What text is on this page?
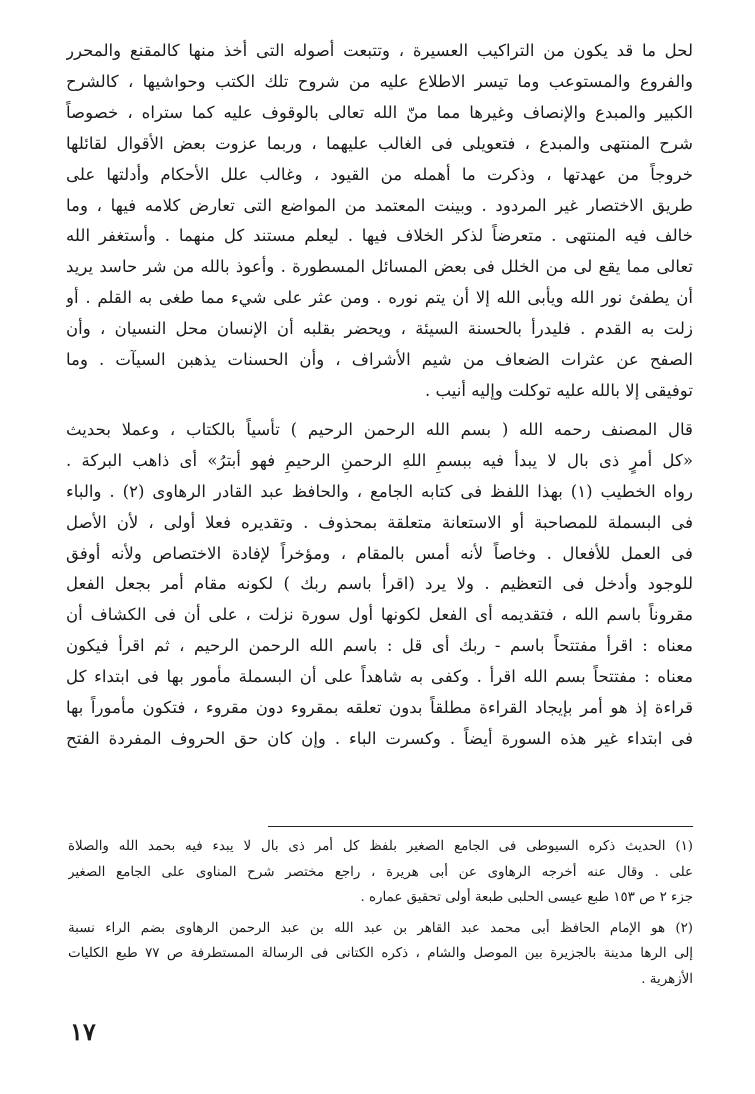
لحل ما قد يكون من التراكيب العسيرة ، وتتبعت أصوله التى أخذ منها كالمقنع والمحرر
والفروع والمستوعب وما تيسر الاطلاع عليه من شروح تلك الكتب وحواشيها ، كالشرح
الكبير والمبدع والإنصاف وغيرها مما منّ الله تعالى بالوقوف عليه كما ستراه ، خصوصاً
شرح المنتهى والمبدع ، فتعويلى فى الغالب عليهما ، وربما عزوت بعض الأقوال لقائلها
خروجاً من عهدتها ، وذكرت ما أهمله من القيود ، وغالب علل الأحكام وأدلتها على
طريق الاختصار غير المردود . وبينت المعتمد من المواضع التى تعارض كلامه فيها ، وما
خالف فيه المنتهى . متعرضاً لذكر الخلاف فيها . ليعلم مستند كل منهما . وأستغفر الله
تعالى مما يقع لى من الخلل فى بعض المسائل المسطورة . وأعوذ بالله من شر حاسد يريد
أن يطفئ نور الله ويأبى الله إلا أن يتم نوره . ومن عثر على شيء مما طغى به القلم . أو
زلت به القدم . فليدرأ بالحسنة السيئة ، ويحضر بقلبه أن الإنسان محل النسيان ، وأن
الصفح عن عثرات الضعاف من شيم الأشراف ، وأن الحسنات يذهبن السيآت . وما
توفيقى إلا بالله عليه توكلت وإليه أنيب .

قال المصنف رحمه الله ( بسم الله الرحمن الرحيم ) تأسياً بالكتاب ، وعملا بحديث
«كل أمرٍ ذى بال لا يبدأ فيه ببسمِ اللهِ الرحمنِ الرحيمِ فهو أبترُ» أى ذاهب البركة .
رواه الخطيب (١) بهذا اللفظ فى كتابه الجامع ، والحافظ عبد القادر الرهاوى (٢) . والباء
فى البسملة للمصاحبة أو الاستعانة متعلقة بمحذوف . وتقديره فعلا أولى ، لأن الأصل
فى العمل للأفعال . وخاصاً لأنه أمس بالمقام ، ومؤخراً لإفادة الاختصاص ولأنه أوفق
للوجود وأدخل فى التعظيم . ولا يرد (اقرأ باسم ربك ) لكونه مقام أمر بجعل الفعل
مقروناً باسم الله ، فتقديمه أى الفعل لكونها أول سورة نزلت ، على أن فى الكشاف أن
معناه : اقرأ مفتتحاً باسم - ربك أى قل : باسم الله الرحمن الرحيم ، ثم اقرأ فيكون
معناه : مفتتحاً بسم الله اقرأ . وكفى به شاهداً على أن البسملة مأمور بها فى ابتداء كل
قراءة إذ هو أمر بإيجاد القراءة مطلقاً بدون تعلقه بمقروء دون مقروء ، فتكون مأموراً بها
فى ابتداء غير هذه السورة أيضاً . وكسرت الباء . وإن كان حق الحروف المفردة الفتح

(١) الحديث ذكره السيوطى فى الجامع الصغير بلفظ كل أمر ذى بال لا يبدء فيه بحمد الله والصلاة
على . وقال عنه أخرجه الرهاوى عن أبى هريرة ، راجع مختصر شرح المناوى على الجامع الصغير
جزء ٢ ص ١٥٣ طبع عيسى الحلبى طبعة أولى تحقيق عماره .
(٢) هو الإمام الحافظ أبى محمد عبد القاهر بن عبد الله بن عبد الرحمن الرهاوى بضم الراء نسبة
إلى الرها مدينة بالجزيرة بين الموصل والشام ، ذكره الكتانى فى الرسالة المستطرفة ص ٧٧ طبع الكليات
الأزهرية .
١٧
